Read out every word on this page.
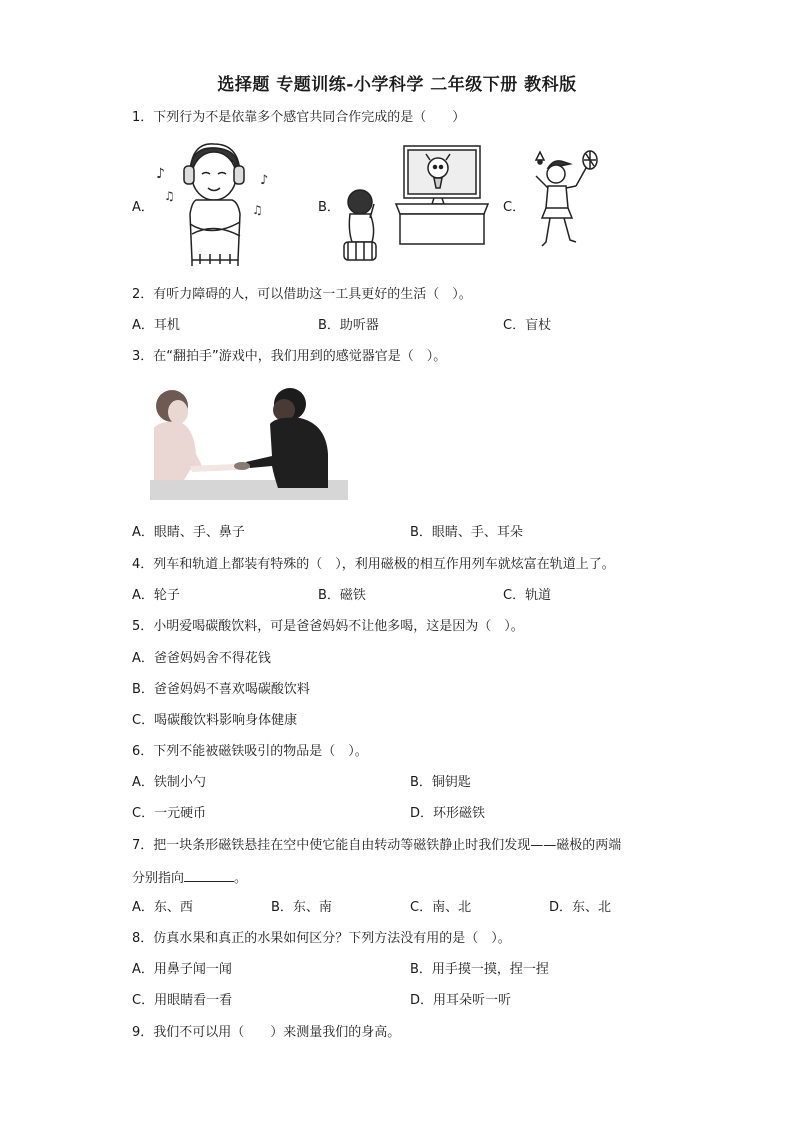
选择题 专题训练-小学科学 二年级下册 教科版
1．下列行为不是依靠多个感官共同合作完成的是（　　）
A．
♪
♫
♪
♫	B．	C．
2．有听力障碍的人，可以借助这一工具更好的生活（　）。
A．耳机	B．助听器	C．盲杖
3．在“翻拍手”游戏中，我们用到的感觉器官是（　）。
A．眼睛、手、鼻子	B．眼睛、手、耳朵
4．列车和轨道上都装有特殊的（　），利用磁极的相互作用列车就炫富在轨道上了。
A．轮子	B．磁铁	C．轨道
5．小明爱喝碳酸饮料，可是爸爸妈妈不让他多喝，这是因为（　）。
A．爸爸妈妈舍不得花钱
B．爸爸妈妈不喜欢喝碳酸饮料
C．喝碳酸饮料影响身体健康
6．下列不能被磁铁吸引的物品是（　）。
A．铁制小勺	B．铜钥匙
C．一元硬币	D．环形磁铁
7．把一块条形磁铁悬挂在空中使它能自由转动等磁铁静止时我们发现——磁极的两端
分别指向	。
A．东、西	B．东、南	C．南、北	D．东、北
8．仿真水果和真正的水果如何区分？下列方法没有用的是（　）。
A．用鼻子闻一闻	B．用手摸一摸，捏一捏
C．用眼睛看一看	D．用耳朵听一听
9．我们不可以用（　　）来测量我们的身高。
